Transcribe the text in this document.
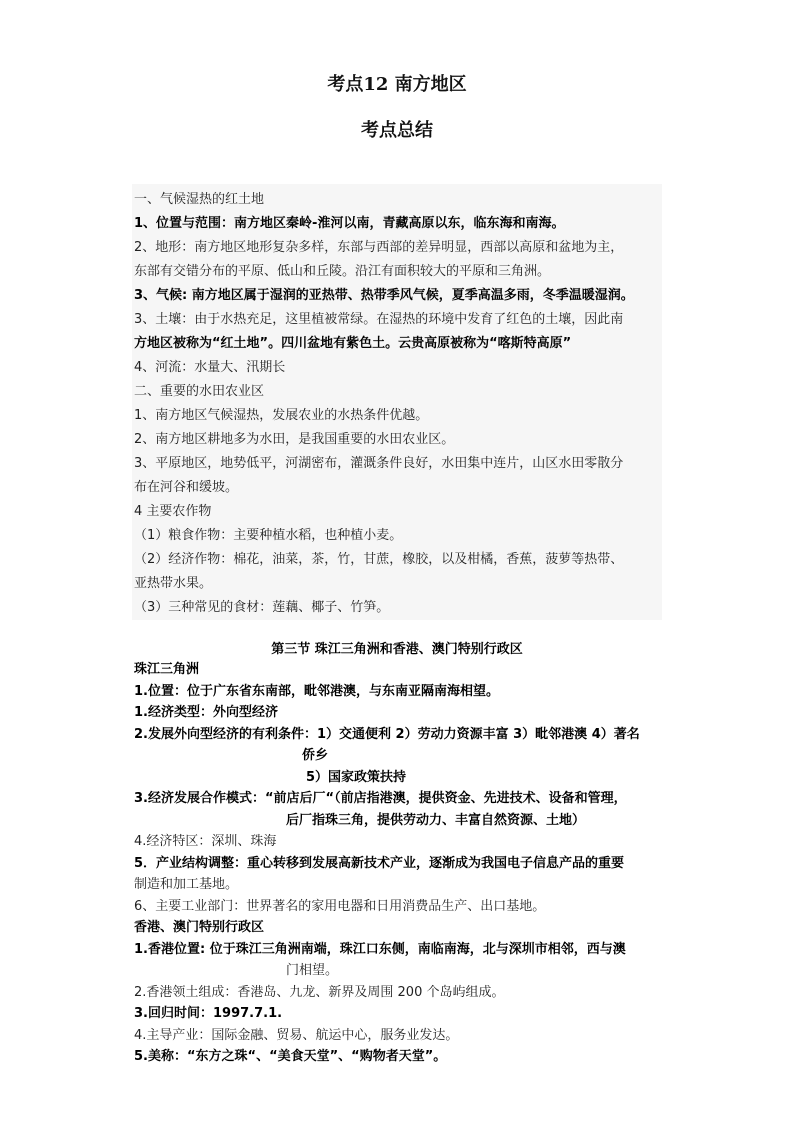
考点12 南方地区
考点总结
一、气候湿热的红土地
1、位置与范围：南方地区秦岭-淮河以南，青藏高原以东，临东海和南海。
2、地形：南方地区地形复杂多样，东部与西部的差异明显，西部以高原和盆地为主，
东部有交错分布的平原、低山和丘陵。沿江有面积较大的平原和三角洲。
3、气候: 南方地区属于湿润的亚热带、热带季风气候，夏季高温多雨，冬季温暖湿润。
3、土壤：由于水热充足，这里植被常绿。在湿热的环境中发育了红色的土壤，因此南
方地区被称为“红土地”。四川盆地有紫色土。云贵高原被称为“喀斯特高原”
4、河流：水量大、汛期长
二、重要的水田农业区
1、南方地区气候湿热，发展农业的水热条件优越。
2、南方地区耕地多为水田，是我国重要的水田农业区。
3、平原地区，地势低平，河湖密布，灌溉条件良好，水田集中连片，山区水田零散分
布在河谷和缓坡。
4 主要农作物
（1）粮食作物：主要种植水稻，也种植小麦。
（2）经济作物：棉花，油菜，茶，竹，甘蔗，橡胶，以及柑橘，香蕉，菠萝等热带、
亚热带水果。
（3）三种常见的食材：莲藕、椰子、竹笋。
第三节 珠江三角洲和香港、澳门特别行政区
珠江三角洲
1.位置：位于广东省东南部，毗邻港澳，与东南亚隔南海相望。
1.经济类型：外向型经济
2.发展外向型经济的有利条件：1）交通便利 2）劳动力资源丰富 3）毗邻港澳 4）著名
侨乡
5）国家政策扶持
3.经济发展合作模式：“前店后厂“（前店指港澳，提供资金、先进技术、设备和管理，
后厂指珠三角，提供劳动力、丰富自然资源、土地）
4.经济特区：深圳、珠海
5．产业结构调整：重心转移到发展高新技术产业，逐渐成为我国电子信息产品的重要
制造和加工基地。
6、主要工业部门：世界著名的家用电器和日用消费品生产、出口基地。
香港、澳门特别行政区
1.香港位置: 位于珠江三角洲南端，珠江口东侧，南临南海，北与深圳市相邻，西与澳
门相望。
2.香港领土组成：香港岛、九龙、新界及周围 200 个岛屿组成。
3.回归时间：1997.7.1.
4.主导产业：国际金融、贸易、航运中心，服务业发达。
5.美称：“东方之珠“、“美食天堂”、“购物者天堂”。
